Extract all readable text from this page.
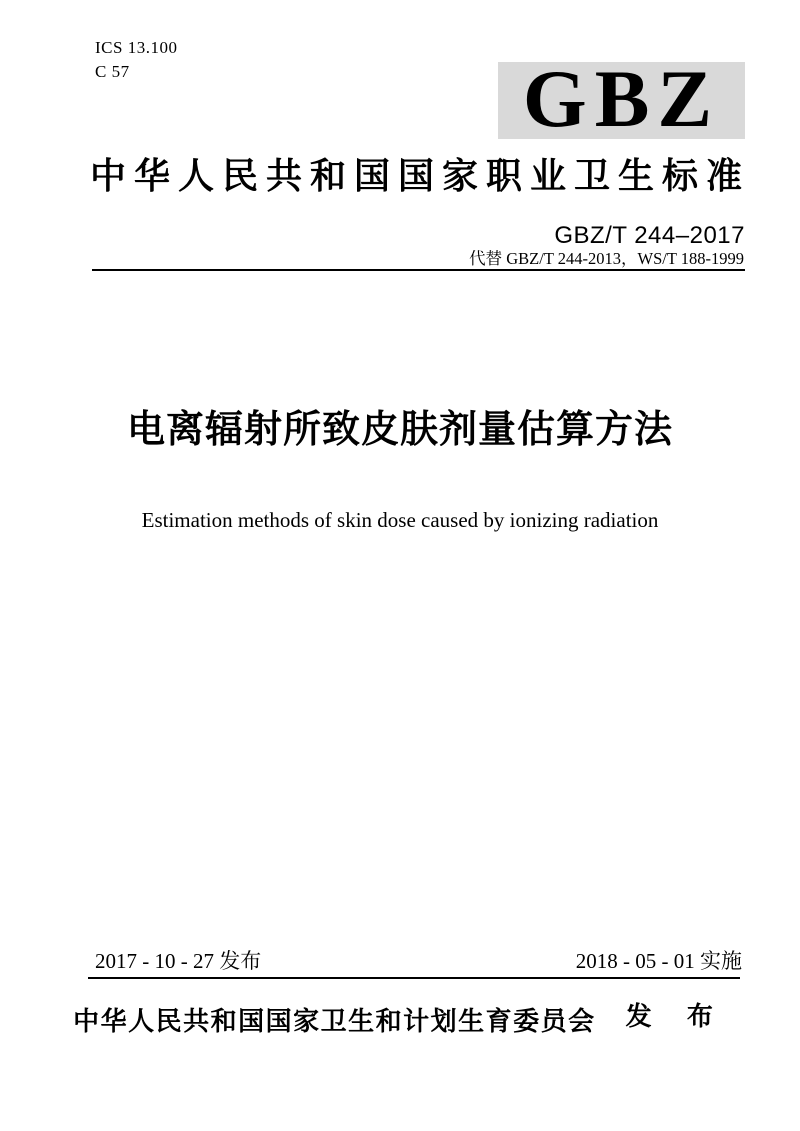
ICS 13.100
C 57	GBZ
中华人民共和国国家职业卫生标准
GBZ/T 244–2017
代替 GBZ/T 244-2013，WS/T 188-1999
电离辐射所致皮肤剂量估算方法
Estimation methods of skin dose caused by ionizing radiation
2017 - 10 - 27 发布	2018 - 05 - 01 实施
中华人民共和国国家卫生和计划生育委员会 发 布
